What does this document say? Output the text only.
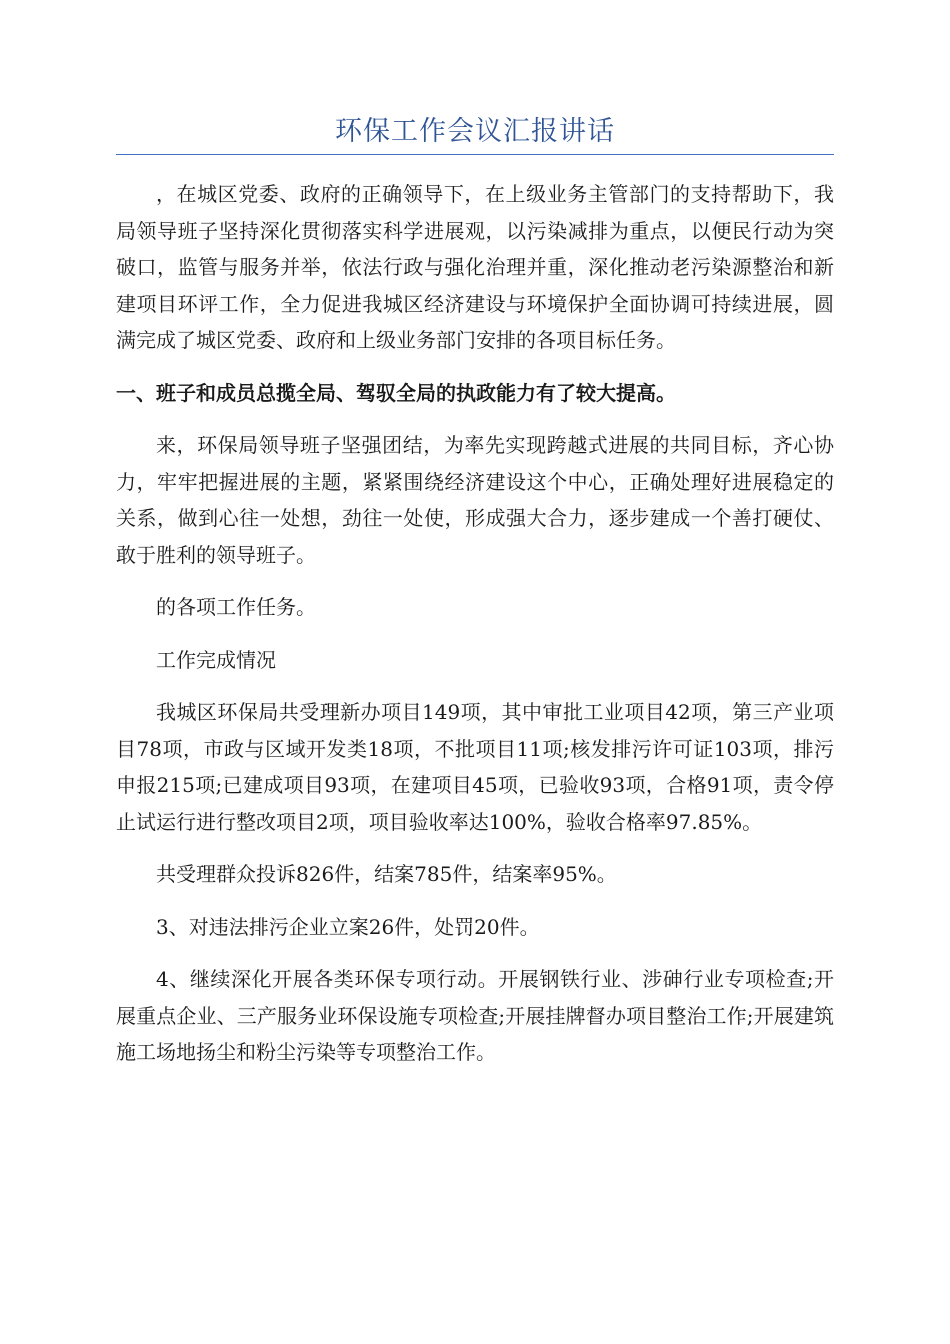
环保工作会议汇报讲话

，在城区党委、政府的正确领导下，在上级业务主管部门的支持帮助下，我局领导班子坚持深化贯彻落实科学进展观，以污染减排为重点，以便民行动为突破口，监管与服务并举，依法行政与强化治理并重，深化推动老污染源整治和新建项目环评工作，全力促进我城区经济建设与环境保护全面协调可持续进展，圆满完成了城区党委、政府和上级业务部门安排的各项目标任务。

一、班子和成员总揽全局、驾驭全局的执政能力有了较大提高。

来，环保局领导班子坚强团结，为率先实现跨越式进展的共同目标，齐心协力，牢牢把握进展的主题，紧紧围绕经济建设这个中心，正确处理好进展稳定的关系，做到心往一处想，劲往一处使，形成强大合力，逐步建成一个善打硬仗、敢于胜利的领导班子。

的各项工作任务。

工作完成情况

我城区环保局共受理新办项目149项，其中审批工业项目42项，第三产业项目78项，市政与区域开发类18项，不批项目11项;核发排污许可证103项，排污申报215项;已建成项目93项，在建项目45项，已验收93项，合格91项，责令停止试运行进行整改项目2项，项目验收率达100%，验收合格率97.85%。

共受理群众投诉826件，结案785件，结案率95%。

3、对违法排污企业立案26件，处罚20件。

4、继续深化开展各类环保专项行动。开展钢铁行业、涉砷行业专项检查;开展重点企业、三产服务业环保设施专项检查;开展挂牌督办项目整治工作;开展建筑施工场地扬尘和粉尘污染等专项整治工作。
